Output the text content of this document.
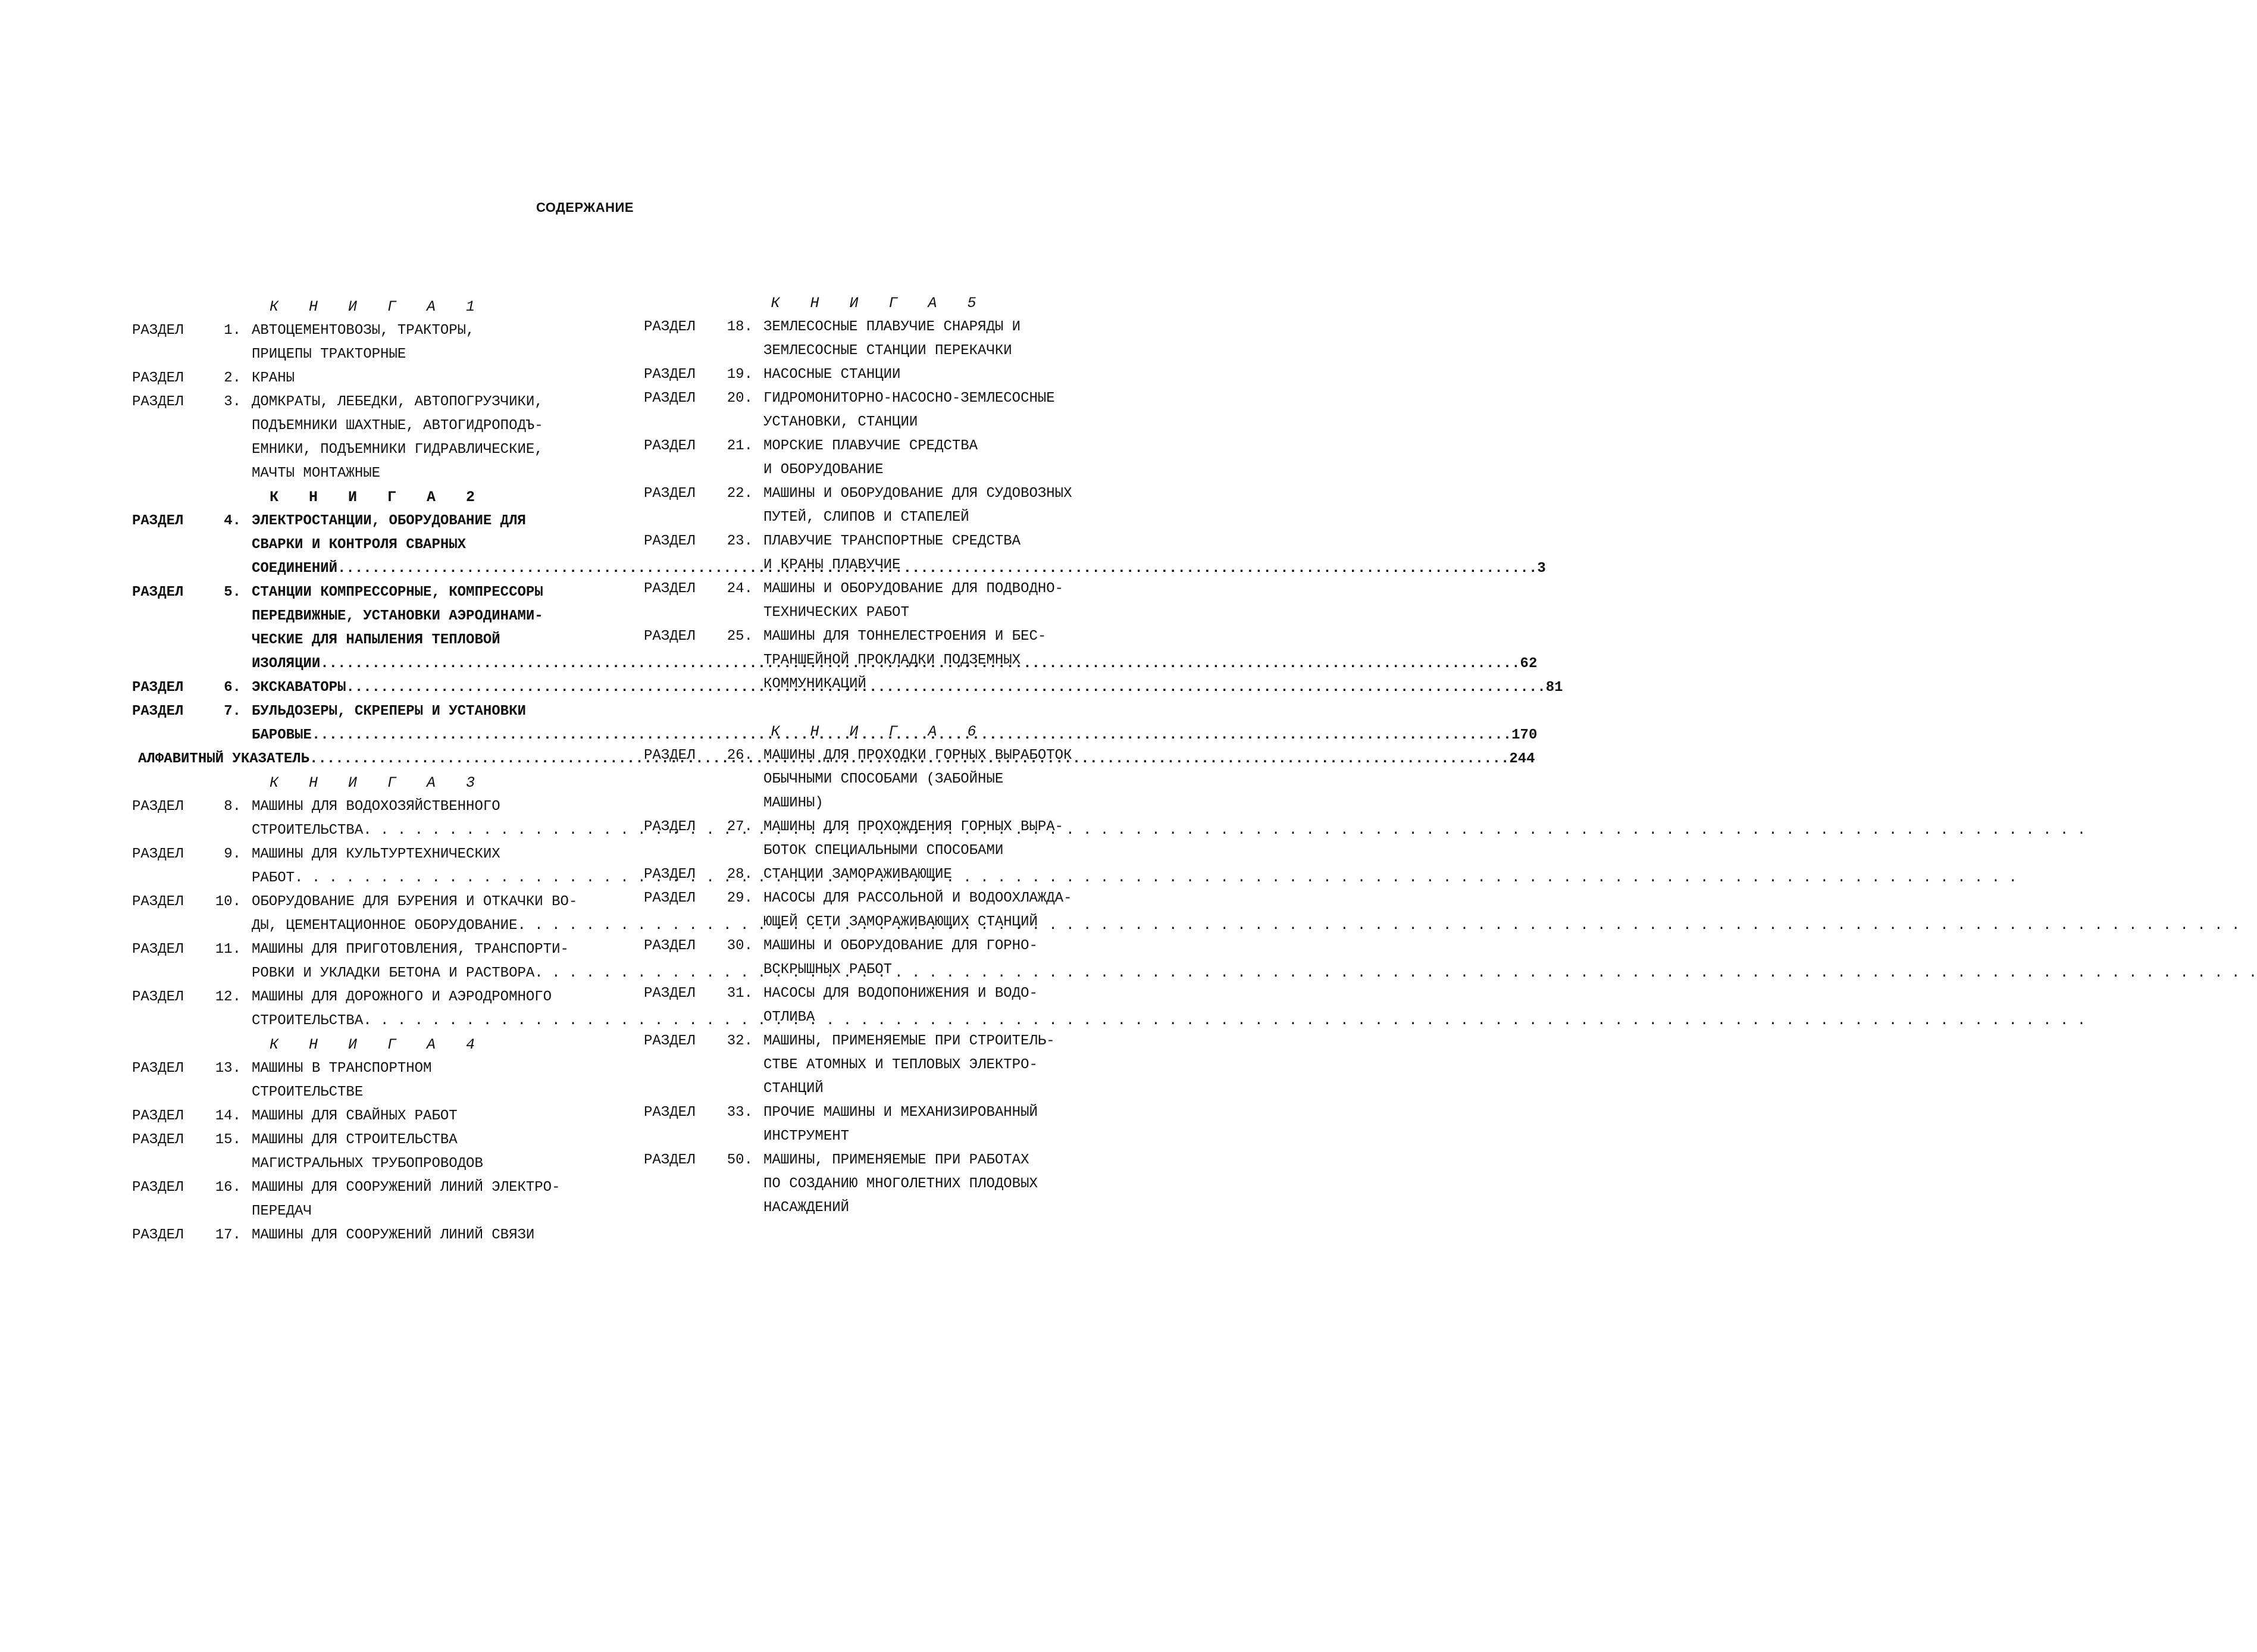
СОДЕРЖАНИЕ
К Н И Г А 1
РАЗДЕЛ	1. АВТОЦЕМЕНТОВОЗЫ, ТРАКТОРЫ,
ПРИЦЕПЫ ТРАКТОРНЫЕ
РАЗДЕЛ	2. КРАНЫ
РАЗДЕЛ	3. ДОМКРАТЫ, ЛЕБЕДКИ, АВТОПОГРУЗЧИКИ,
ПОДЪЕМНИКИ ШАХТНЫЕ, АВТОГИДРОПОДЪ-
ЕМНИКИ, ПОДЪЕМНИКИ ГИДРАВЛИЧЕСКИЕ,
МАЧТЫ МОНТАЖНЫЕ
К Н И Г А 2
РАЗДЕЛ	4. ЭЛЕКТРОСТАНЦИИ, ОБОРУДОВАНИЕ ДЛЯ
СВАРКИ И КОНТРОЛЯ СВАРНЫХ
СОЕДИНЕНИЙ .....	3
РАЗДЕЛ	5. СТАНЦИИ КОМПРЕССОРНЫЕ, КОМПРЕССОРЫ
ПЕРЕДВИЖНЫЕ, УСТАНОВКИ АЭРОДИНАМИ-
ЧЕСКИЕ ДЛЯ НАПЫЛЕНИЯ ТЕПЛОВОЙ
ИЗОЛЯЦИИ .....	62
РАЗДЕЛ	6. ЭКСКАВАТОРЫ .....	81
РАЗДЕЛ	7. БУЛЬДОЗЕРЫ, СКРЕПЕРЫ И УСТАНОВКИ
БАРОВЫЕ .....	170
АЛФАВИТНЫЙ УКАЗАТЕЛЬ .....	244
К Н И Г А 3
РАЗДЕЛ	8. МАШИНЫ ДЛЯ ВОДОХОЗЯЙСТВЕННОГО
СТРОИТЕЛЬСТВА
. . .
РАЗДЕЛ	9. МАШИНЫ ДЛЯ КУЛЬТУРТЕХНИЧЕСКИХ
РАБОТ
. . .
РАЗДЕЛ	10. ОБОРУДОВАНИЕ ДЛЯ БУРЕНИЯ И ОТКАЧКИ ВО-
ДЫ, ЦЕМЕНТАЦИОННОЕ ОБОРУДОВАНИЕ
. . .
РАЗДЕЛ	11. МАШИНЫ ДЛЯ ПРИГОТОВЛЕНИЯ, ТРАНСПОРТИ-
РОВКИ И УКЛАДКИ БЕТОНА И РАСТВОРА
. . .
РАЗДЕЛ	12. МАШИНЫ ДЛЯ ДОРОЖНОГО И АЭРОДРОМНОГО
СТРОИТЕЛЬСТВА
. . .
К Н И Г А 4
РАЗДЕЛ	13. МАШИНЫ В ТРАНСПОРТНОМ
СТРОИТЕЛЬСТВЕ
РАЗДЕЛ	14. МАШИНЫ ДЛЯ СВАЙНЫХ РАБОТ
РАЗДЕЛ	15. МАШИНЫ ДЛЯ СТРОИТЕЛЬСТВА
МАГИСТРАЛЬНЫХ ТРУБОПРОВОДОВ
РАЗДЕЛ	16. МАШИНЫ ДЛЯ СООРУЖЕНИЙ ЛИНИЙ ЭЛЕКТРО-
ПЕРЕДАЧ
РАЗДЕЛ	17. МАШИНЫ ДЛЯ СООРУЖЕНИЙ ЛИНИЙ СВЯЗИ
К Н И Г А 5
РАЗДЕЛ	18. ЗЕМЛЕСОСНЫЕ ПЛАВУЧИЕ СНАРЯДЫ И
ЗЕМЛЕСОСНЫЕ СТАНЦИИ ПЕРЕКАЧКИ
РАЗДЕЛ	19. НАСОСНЫЕ СТАНЦИИ
РАЗДЕЛ	20. ГИДРОМОНИТОРНО-НАСОСНО-ЗЕМЛЕСОСНЫЕ
УСТАНОВКИ, СТАНЦИИ
РАЗДЕЛ	21. МОРСКИЕ ПЛАВУЧИЕ СРЕДСТВА
И ОБОРУДОВАНИЕ
РАЗДЕЛ	22. МАШИНЫ И ОБОРУДОВАНИЕ ДЛЯ СУДОВОЗНЫХ
ПУТЕЙ, СЛИПОВ И СТАПЕЛЕЙ
РАЗДЕЛ	23. ПЛАВУЧИЕ ТРАНСПОРТНЫЕ СРЕДСТВА
И КРАНЫ ПЛАВУЧИЕ
РАЗДЕЛ	24. МАШИНЫ И ОБОРУДОВАНИЕ ДЛЯ ПОДВОДНО-
ТЕХНИЧЕСКИХ РАБОТ
РАЗДЕЛ	25. МАШИНЫ ДЛЯ ТОННЕЛЕСТРОЕНИЯ И БЕС-
ТРАНШЕЙНОЙ ПРОКЛАДКИ ПОДЗЕМНЫХ
КОММУНИКАЦИЙ
К Н И Г А 6
РАЗДЕЛ	26. МАШИНЫ ДЛЯ ПРОХОДКИ ГОРНЫХ ВЫРАБОТОК
ОБЫЧНЫМИ СПОСОБАМИ (ЗАБОЙНЫЕ
МАШИНЫ)
РАЗДЕЛ	27. МАШИНЫ ДЛЯ ПРОХОЖДЕНИЯ ГОРНЫХ ВЫРА-
БОТОК СПЕЦИАЛЬНЫМИ СПОСОБАМИ
РАЗДЕЛ	28. СТАНЦИИ ЗАМОРАЖИВАЮЩИЕ
РАЗДЕЛ	29. НАСОСЫ ДЛЯ РАССОЛЬНОЙ И ВОДООХЛАЖДА-
ЮЩЕЙ СЕТИ ЗАМОРАЖИВАЮЩИХ СТАНЦИЙ
РАЗДЕЛ	30. МАШИНЫ И ОБОРУДОВАНИЕ ДЛЯ ГОРНО-
ВСКРЫШНЫХ РАБОТ
РАЗДЕЛ	31. НАСОСЫ ДЛЯ ВОДОПОНИЖЕНИЯ И ВОДО-
ОТЛИВА
РАЗДЕЛ	32. МАШИНЫ, ПРИМЕНЯЕМЫЕ ПРИ СТРОИТЕЛЬ-
СТВЕ АТОМНЫХ И ТЕПЛОВЫХ ЭЛЕКТРО-
СТАНЦИЙ
РАЗДЕЛ	33. ПРОЧИЕ МАШИНЫ И МЕХАНИЗИРОВАННЫЙ
ИНСТРУМЕНТ
РАЗДЕЛ	50. МАШИНЫ, ПРИМЕНЯЕМЫЕ ПРИ РАБОТАХ
ПО СОЗДАНИЮ МНОГОЛЕТНИХ ПЛОДОВЫХ
НАСАЖДЕНИЙ
